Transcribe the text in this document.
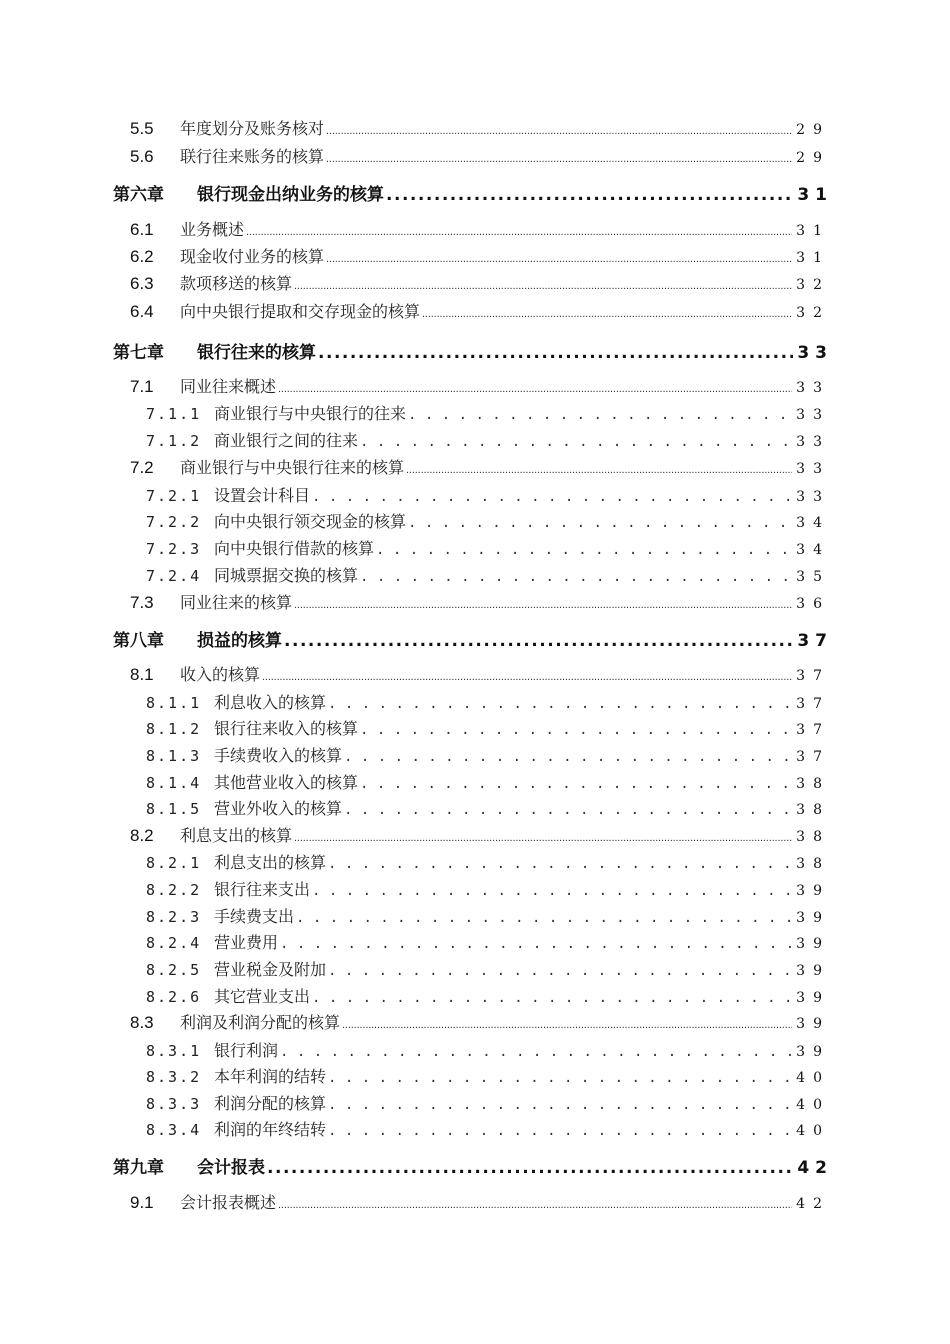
5.5	年度划分及账务核对 . . .	29
5.6	联行往来账务的核算 . . .	29
第六章	银行现金出纳业务的核算 . . .	31
6.1	业务概述 . . .	31
6.2	现金收付业务的核算 . . .	31
6.3	款项移送的核算 . . .	32
6.4	向中央银行提取和交存现金的核算 . . .	32
第七章	银行往来的核算 . . .	33
7.1	同业往来概述 . . .	33
7.1.1 商业银行与中央银行的往来 . . .	33
7.1.2 商业银行之间的往来 . . .	33
7.2	商业银行与中央银行往来的核算 . . .	33
7.2.1 设置会计科目 . . .	33
7.2.2 向中央银行领交现金的核算 . . .	34
7.2.3 向中央银行借款的核算 . . .	34
7.2.4 同城票据交换的核算 . . .	35
7.3	同业往来的核算 . . .	36
第八章	损益的核算 . . .	37
8.1	收入的核算 . . .	37
8.1.1 利息收入的核算 . . .	37
8.1.2 银行往来收入的核算 . . .	37
8.1.3 手续费收入的核算 . . .	37
8.1.4 其他营业收入的核算 . . .	38
8.1.5 营业外收入的核算 . . .	38
8.2	利息支出的核算 . . .	38
8.2.1 利息支出的核算 . . .	38
8.2.2 银行往来支出 . . .	39
8.2.3 手续费支出 . . .	39
8.2.4 营业费用 . . .	39
8.2.5 营业税金及附加 . . .	39
8.2.6 其它营业支出 . . .	39
8.3	利润及利润分配的核算 . . .	39
8.3.1 银行利润 . . .	39
8.3.2 本年利润的结转 . . .	40
8.3.3 利润分配的核算 . . .	40
8.3.4 利润的年终结转 . . .	40
第九章	会计报表 . . .	42
9.1	会计报表概述 . . .	42
